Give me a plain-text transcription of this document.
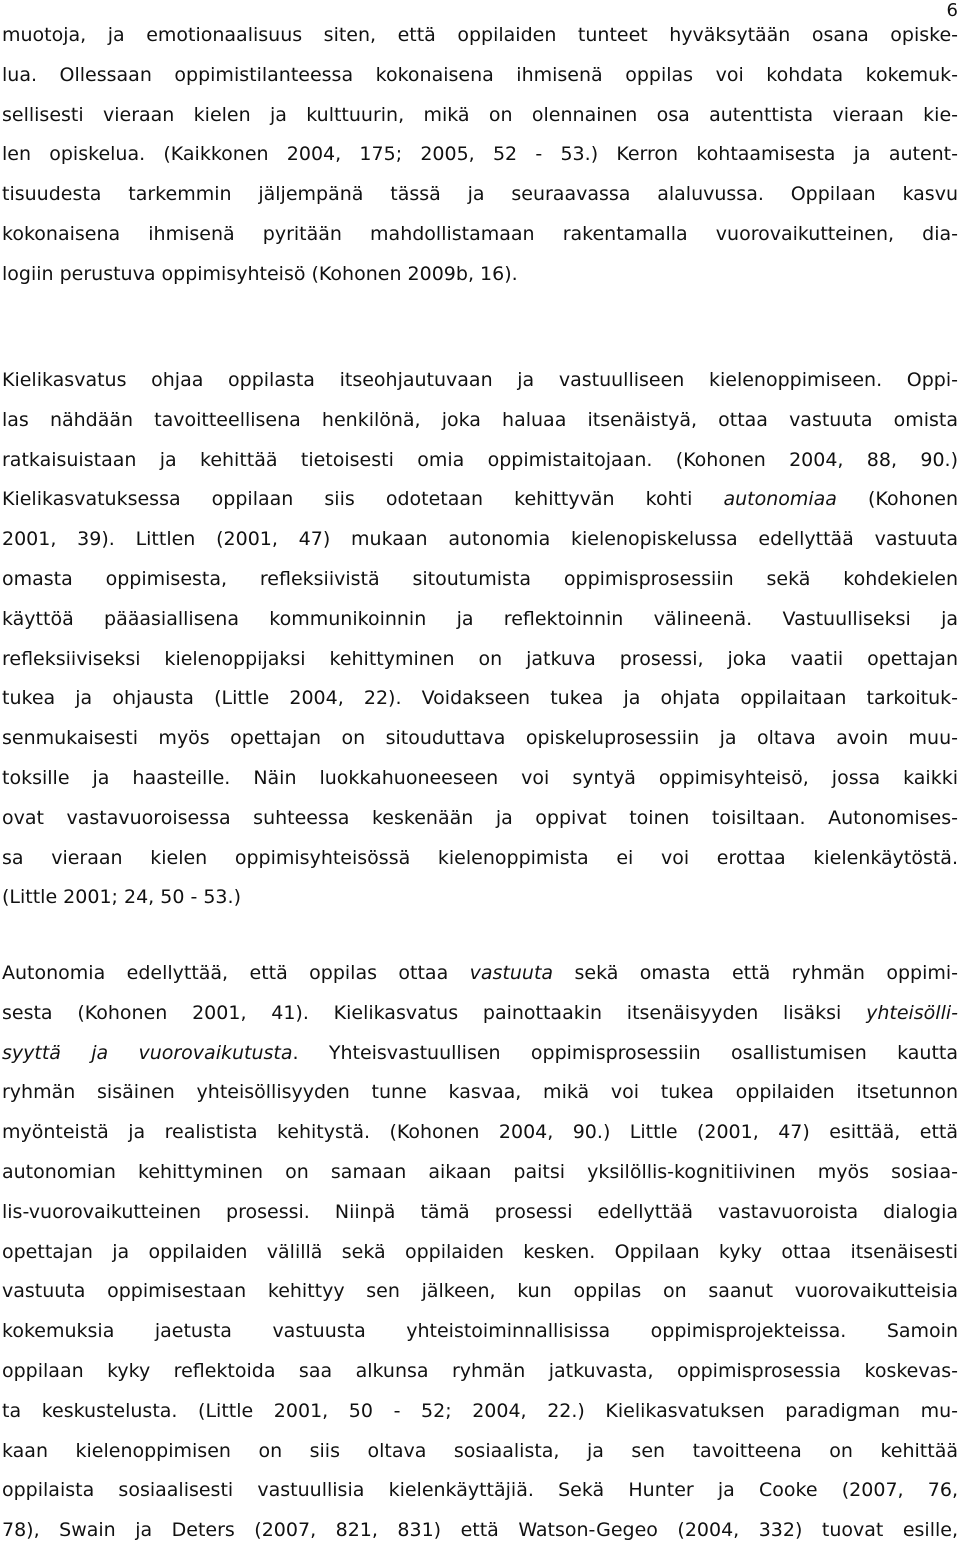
6
muotoja, ja emotionaalisuus siten, että oppilaiden tunteet hyväksytään osana opiske-
lua. Ollessaan oppimistilanteessa kokonaisena ihmisenä oppilas voi kohdata kokemuk-
sellisesti vieraan kielen ja kulttuurin, mikä on olennainen osa autenttista vieraan kie-
len opiskelua. (Kaikkonen 2004, 175; 2005, 52 - 53.) Kerron kohtaamisesta ja autent-
tisuudesta tarkemmin jäljempänä tässä ja seuraavassa alaluvussa. Oppilaan kasvu
kokonaisena ihmisenä pyritään mahdollistamaan rakentamalla vuorovaikutteinen, dia-
logiin perustuva oppimisyhteisö (Kohonen 2009b, 16).
Kielikasvatus ohjaa oppilasta itseohjautuvaan ja vastuulliseen kielenoppimiseen. Oppi-
las nähdään tavoitteellisena henkilönä, joka haluaa itsenäistyä, ottaa vastuuta omista
ratkaisuistaan ja kehittää tietoisesti omia oppimistaitojaan. (Kohonen 2004, 88, 90.)
Kielikasvatuksessa oppilaan siis odotetaan kehittyvän kohti autonomiaa (Kohonen
2001, 39). Littlen (2001, 47) mukaan autonomia kielenopiskelussa edellyttää vastuuta
omasta oppimisesta, refleksiivistä sitoutumista oppimisprosessiin sekä kohdekielen
käyttöä pääasiallisena kommunikoinnin ja reflektoinnin välineenä. Vastuulliseksi ja
refleksiiviseksi kielenoppijaksi kehittyminen on jatkuva prosessi, joka vaatii opettajan
tukea ja ohjausta (Little 2004, 22). Voidakseen tukea ja ohjata oppilaitaan tarkoituk-
senmukaisesti myös opettajan on sitouduttava opiskeluprosessiin ja oltava avoin muu-
toksille ja haasteille. Näin luokkahuoneeseen voi syntyä oppimisyhteisö, jossa kaikki
ovat vastavuoroisessa suhteessa keskenään ja oppivat toinen toisiltaan. Autonomises-
sa vieraan kielen oppimisyhteisössä kielenoppimista ei voi erottaa kielenkäytöstä.
(Little 2001; 24, 50 - 53.)
Autonomia edellyttää, että oppilas ottaa vastuuta sekä omasta että ryhmän oppimi-
sesta (Kohonen 2001, 41). Kielikasvatus painottaakin itsenäisyyden lisäksi yhteisölli-
syyttä ja vuorovaikutusta. Yhteisvastuullisen oppimisprosessiin osallistumisen kautta
ryhmän sisäinen yhteisöllisyyden tunne kasvaa, mikä voi tukea oppilaiden itsetunnon
myönteistä ja realistista kehitystä. (Kohonen 2004, 90.) Little (2001, 47) esittää, että
autonomian kehittyminen on samaan aikaan paitsi yksilöllis-kognitiivinen myös sosiaa-
lis-vuorovaikutteinen prosessi. Niinpä tämä prosessi edellyttää vastavuoroista dialogia
opettajan ja oppilaiden välillä sekä oppilaiden kesken. Oppilaan kyky ottaa itsenäisesti
vastuuta oppimisestaan kehittyy sen jälkeen, kun oppilas on saanut vuorovaikutteisia
kokemuksia jaetusta vastuusta yhteistoiminnallisissa oppimisprojekteissa. Samoin
oppilaan kyky reflektoida saa alkunsa ryhmän jatkuvasta, oppimisprosessia koskevas-
ta keskustelusta. (Little 2001, 50 - 52; 2004, 22.) Kielikasvatuksen paradigman mu-
kaan kielenoppimisen on siis oltava sosiaalista, ja sen tavoitteena on kehittää
oppilaista sosiaalisesti vastuullisia kielenkäyttäjiä. Sekä Hunter ja Cooke (2007, 76,
78), Swain ja Deters (2007, 821, 831) että Watson-Gegeo (2004, 332) tuovat esille,
